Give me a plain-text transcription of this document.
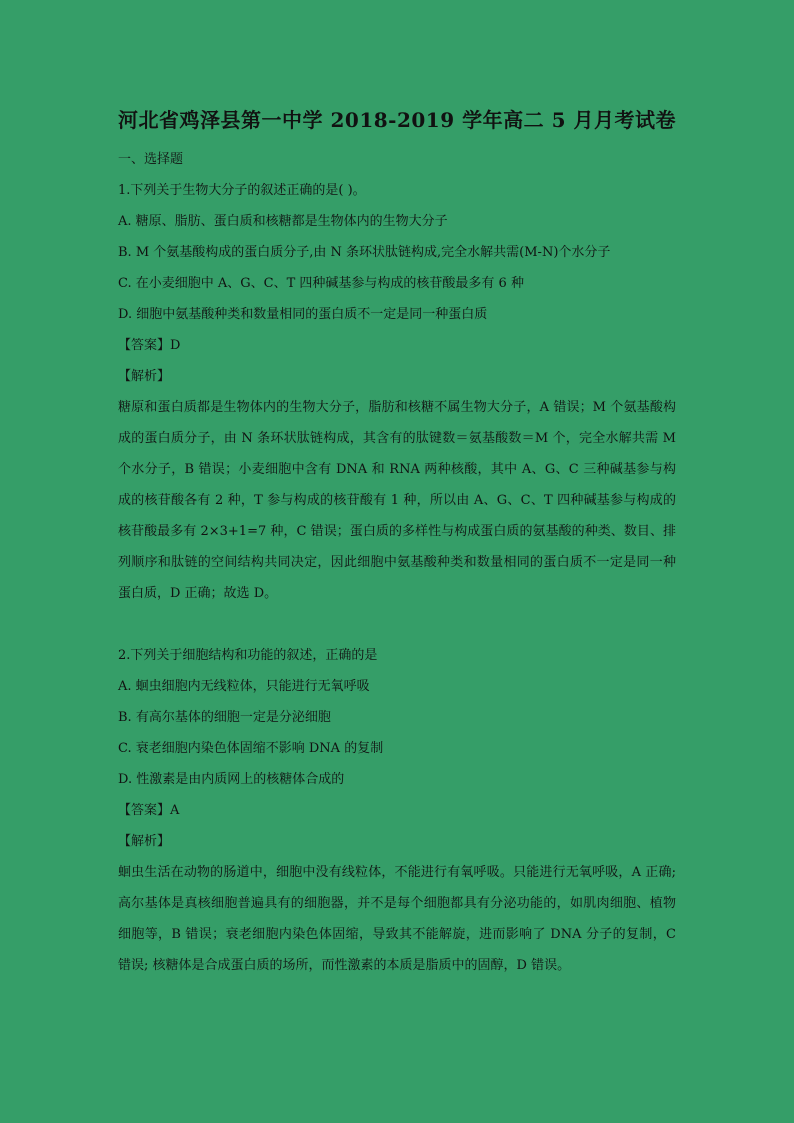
河北省鸡泽县第一中学 2018-2019 学年高二 5 月月考试卷

一、选择题

1.下列关于生物大分子的叙述正确的是( )。

A. 糖原、脂肪、蛋白质和核糖都是生物体内的生物大分子

B. M 个氨基酸构成的蛋白质分子,由 N 条环状肽链构成,完全水解共需(M-N)个水分子

C. 在小麦细胞中 A、G、C、T 四种碱基参与构成的核苷酸最多有 6 种

D. 细胞中氨基酸种类和数量相同的蛋白质不一定是同一种蛋白质

【答案】D

【解析】

糖原和蛋白质都是生物体内的生物大分子，脂肪和核糖不属生物大分子，A 错误；M 个氨基酸构成的蛋白质分子，由 N 条环状肽链构成，其含有的肽键数＝氨基酸数＝M 个，完全水解共需 M 个水分子，B 错误；小麦细胞中含有 DNA 和 RNA 两种核酸，其中 A、G、C 三种碱基参与构成的核苷酸各有 2 种，T 参与构成的核苷酸有 1 种，所以由 A、G、C、T 四种碱基参与构成的核苷酸最多有 2×3+1=7 种，C 错误；蛋白质的多样性与构成蛋白质的氨基酸的种类、数目、排列顺序和肽链的空间结构共同决定，因此细胞中氨基酸种类和数量相同的蛋白质不一定是同一种蛋白质，D 正确；故选 D。

2.下列关于细胞结构和功能的叙述，正确的是

A. 蛔虫细胞内无线粒体，只能进行无氧呼吸

B. 有高尔基体的细胞一定是分泌细胞

C. 衰老细胞内染色体固缩不影响 DNA 的复制

D. 性激素是由内质网上的核糖体合成的

【答案】A

【解析】

蛔虫生活在动物的肠道中，细胞中没有线粒体，不能进行有氧呼吸。只能进行无氧呼吸，A 正确; 高尔基体是真核细胞普遍具有的细胞器，并不是每个细胞都具有分泌功能的，如肌肉细胞、植物细胞等，B 错误；衰老细胞内染色体固缩，导致其不能解旋，进而影响了 DNA 分子的复制，C 错误; 核糖体是合成蛋白质的场所，而性激素的本质是脂质中的固醇，D 错误。
